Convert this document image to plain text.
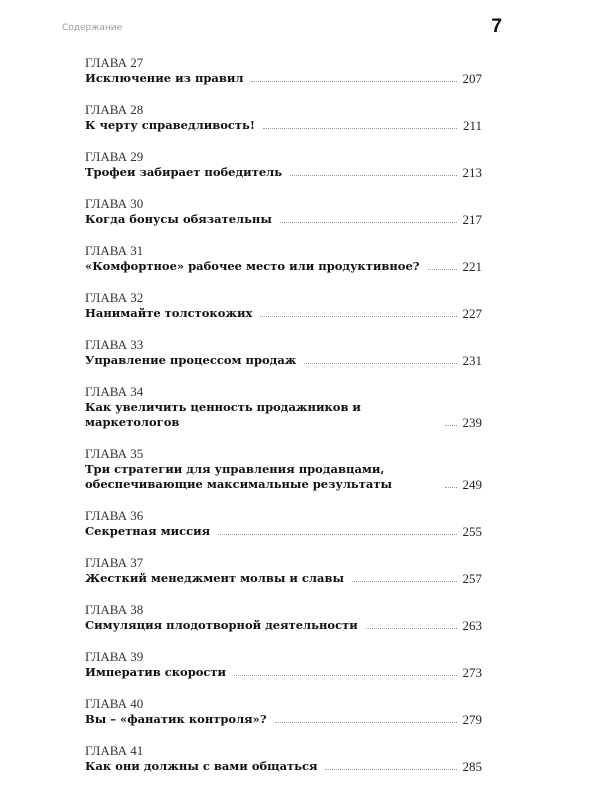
Содержание	7
ГЛАВА 27
Исключение из правил	207
ГЛАВА 28
К черту справедливость!	211
ГЛАВА 29
Трофеи забирает победитель	213
ГЛАВА 30
Когда бонусы обязательны	217
ГЛАВА 31
«Комфортное» рабочее место или продуктивное?	221
ГЛАВА 32
Нанимайте толстокожих	227
ГЛАВА 33
Управление процессом продаж	231
ГЛАВА 34
Как увеличить ценность продажников и маркетологов	239
ГЛАВА 35
Три стратегии для управления продавцами, обеспечивающие максимальные результаты	249
ГЛАВА 36
Секретная миссия	255
ГЛАВА 37
Жесткий менеджмент молвы и славы	257
ГЛАВА 38
Симуляция плодотворной деятельности	263
ГЛАВА 39
Императив скорости	273
ГЛАВА 40
Вы – «фанатик контроля»?	279
ГЛАВА 41
Как они должны с вами общаться	285
